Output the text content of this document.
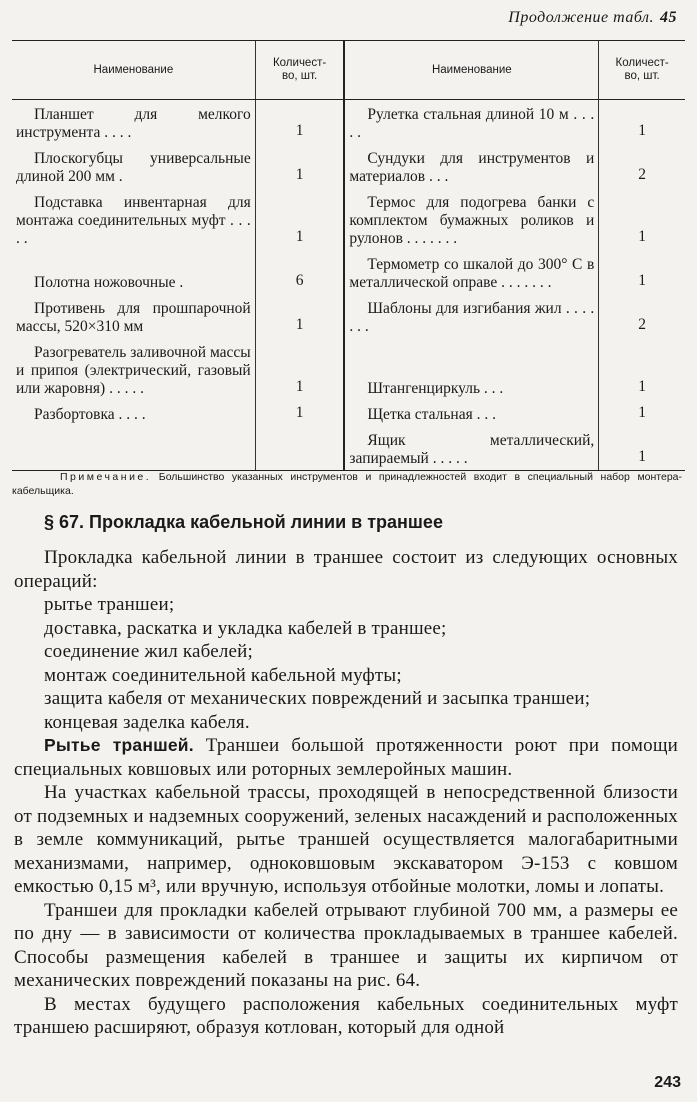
Продолжение табл. 45
Наименование	Количест-
во, шт.	Наименование	Количест-
во, шт.

Планшет для мелкого инструмента . . . .	1	Рулетка стальная длиной 10 м . . . . .	1

Плоскогубцы универсальные длиной 200 мм .	1	Сундуки для инструментов и материалов . . .	2

Подставка инвентарная для монтажа соединительных муфт . . . . .	1	Термос для подогрева банки с комплектом бумажных роликов и рулонов . . . . . . .	1

Полотна ножовочные .	6	Термометр со шкалой до 300° С в металлической оправе . . . . . . .	1

Противень для прошпарочной массы, 520×310 мм	1	Шаблоны для изгибания жил . . . . . . .	2

Разогреватель заливочной массы и припоя (электрический, газовый или жаровня) . . . . .	1	Штангенциркуль . . .	1

Разбортовка . . . .	1	Щетка стальная . . .	1

		Ящик металлический, запираемый . . . . .	1
Примечание. Большинство указанных инструментов и принадлежностей входит в специальный набор монтера-кабельщика.
§ 67. Прокладка кабельной линии в траншее

Прокладка кабельной линии в траншее состоит из следующих основных операций:

рытье траншеи;

доставка, раскатка и укладка кабелей в траншее;

соединение жил кабелей;

монтаж соединительной кабельной муфты;

защита кабеля от механических повреждений и засыпка траншеи;

концевая заделка кабеля.

Рытье траншей. Траншеи большой протяженности роют при помощи специальных ковшовых или роторных землеройных машин.

На участках кабельной трассы, проходящей в непосредственной близости от подземных и надземных сооружений, зеленых насаждений и расположенных в земле коммуникаций, рытье траншей осуществляется малогабаритными механизмами, например, одноковшовым экскаватором Э-153 с ковшом емкостью 0,15 м³, или вручную, используя отбойные молотки, ломы и лопаты.

Траншеи для прокладки кабелей отрывают глубиной 700 мм, а размеры ее по дну — в зависимости от количества прокладываемых в траншее кабелей. Способы размещения кабелей в траншее и защиты их кирпичом от механических повреждений показаны на рис. 64.

В местах будущего расположения кабельных соединительных муфт траншею расширяют, образуя котлован, который для одной

243
